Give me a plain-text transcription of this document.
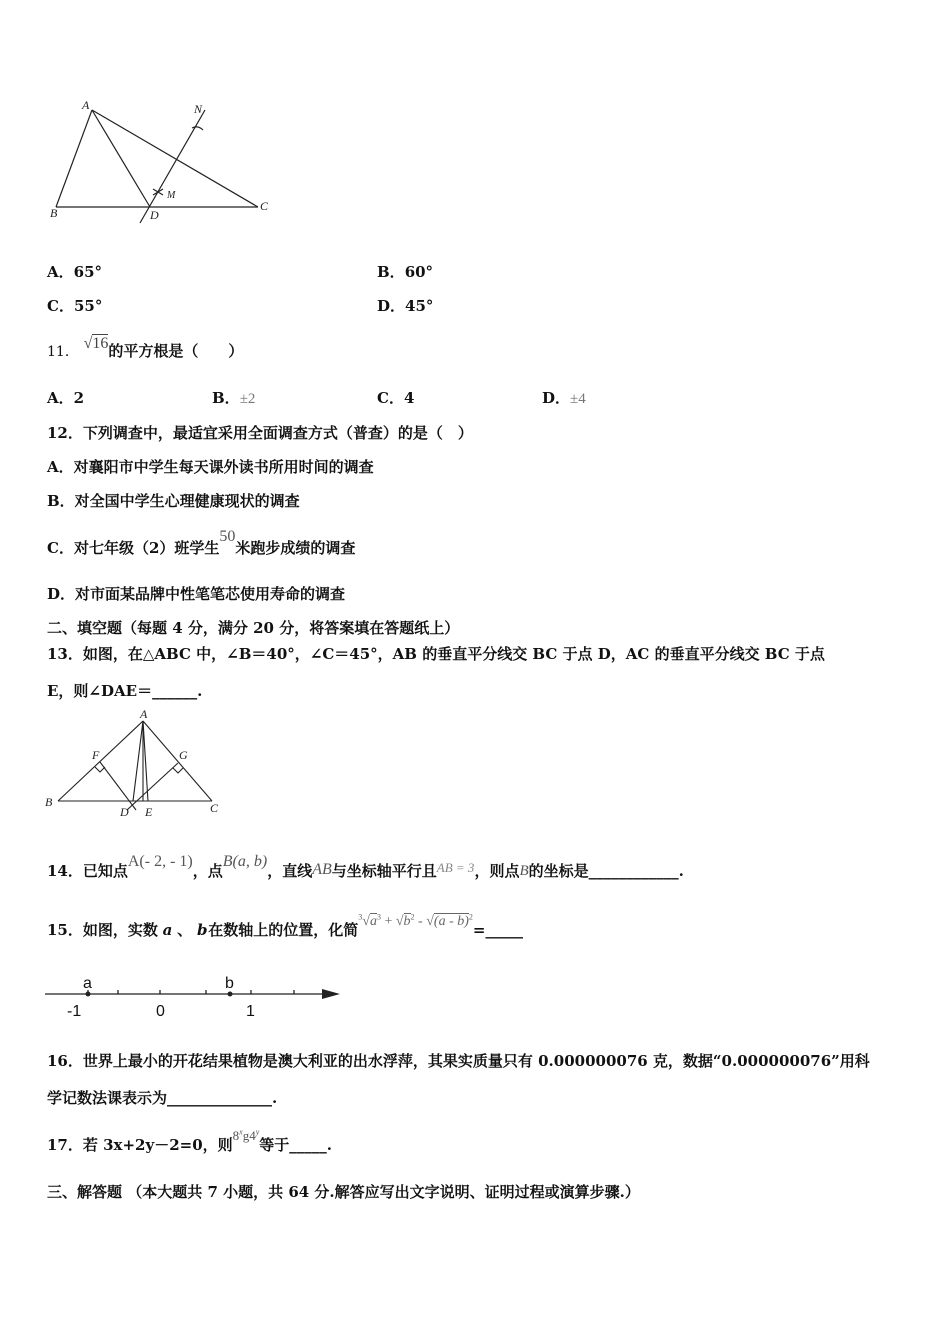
A	N
M
B	D
C
A．65°	B．60°
C．55°	D．45°
11． √16的平方根是（　　）
A．2	B．±2	C．4	D．±4
12．下列调查中，最适宜采用全面调查方式（普查）的是（　）
A．对襄阳市中学生每天课外读书所用时间的调查
B．对全国中学生心理健康现状的调查
C．对七年级（2）班学生50米跑步成绩的调查
D．对市面某品牌中性笔笔芯使用寿命的调查
二、填空题（每题 4 分，满分 20 分，将答案填在答题纸上）
13．如图，在△ABC 中，∠B＝40°，∠C＝45°，AB 的垂直平分线交 BC 于点 D，AC 的垂直平分线交 BC 于点
E，则∠DAE＝______.
A
F	G
B
D E	C
14．已知点A(- 2, - 1)，点B(a, b)，直线AB与坐标轴平行且AB = 3，则点B的坐标是____________.
15．如图，实数 a 、 b 在数轴上的位置，化简$^3√a^3 + √b^2 - √(a$ - b)$^2$=_____
a	b
-1	0	1
16．世界上最小的开花结果植物是澳大利亚的出水浮萍，其果实质量只有 0.000000076 克，数据“0.000000076”用科
学记数法课表示为______________.
17．若 3x+2y－2=0，则8$^x$g4$^y$等于_____.
三、解答题 （本大题共 7 小题，共 64 分.解答应写出文字说明、证明过程或演算步骤.）
